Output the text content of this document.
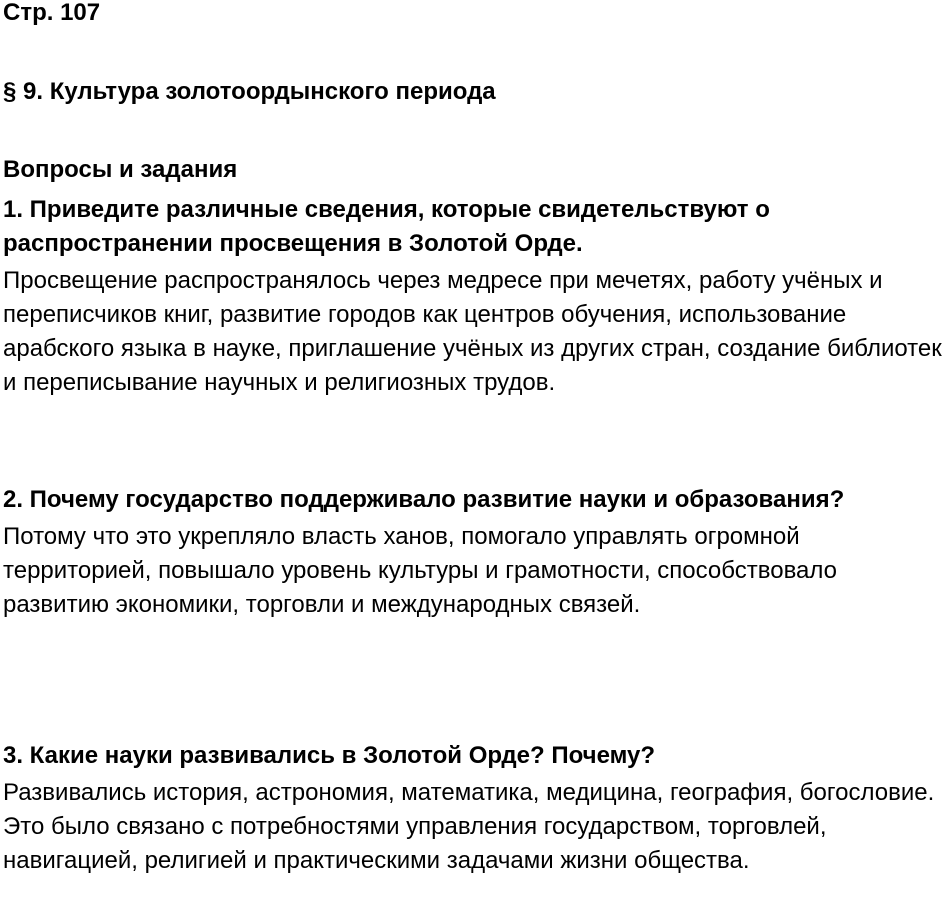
Стр. 107

§ 9. Культура золотоордынского периода
Вопросы и задания

1. Приведите различные сведения, которые свидетельствуют о распространении просвещения в Золотой Орде.

Просвещение распространялось через медресе при мечетях, работу учёных и переписчиков книг, развитие городов как центров обучения, использование арабского языка в науке, приглашение учёных из других стран, создание библиотек и переписывание научных и религиозных трудов.

2. Почему государство поддерживало развитие науки и образования?

Потому что это укрепляло власть ханов, помогало управлять огромной территорией, повышало уровень культуры и грамотности, способствовало развитию экономики, торговли и международных связей.

3. Какие науки развивались в Золотой Орде? Почему?

Развивались история, астрономия, математика, медицина, география, богословие. Это было связано с потребностями управления государством, торговлей, навигацией, религией и практическими задачами жизни общества.
